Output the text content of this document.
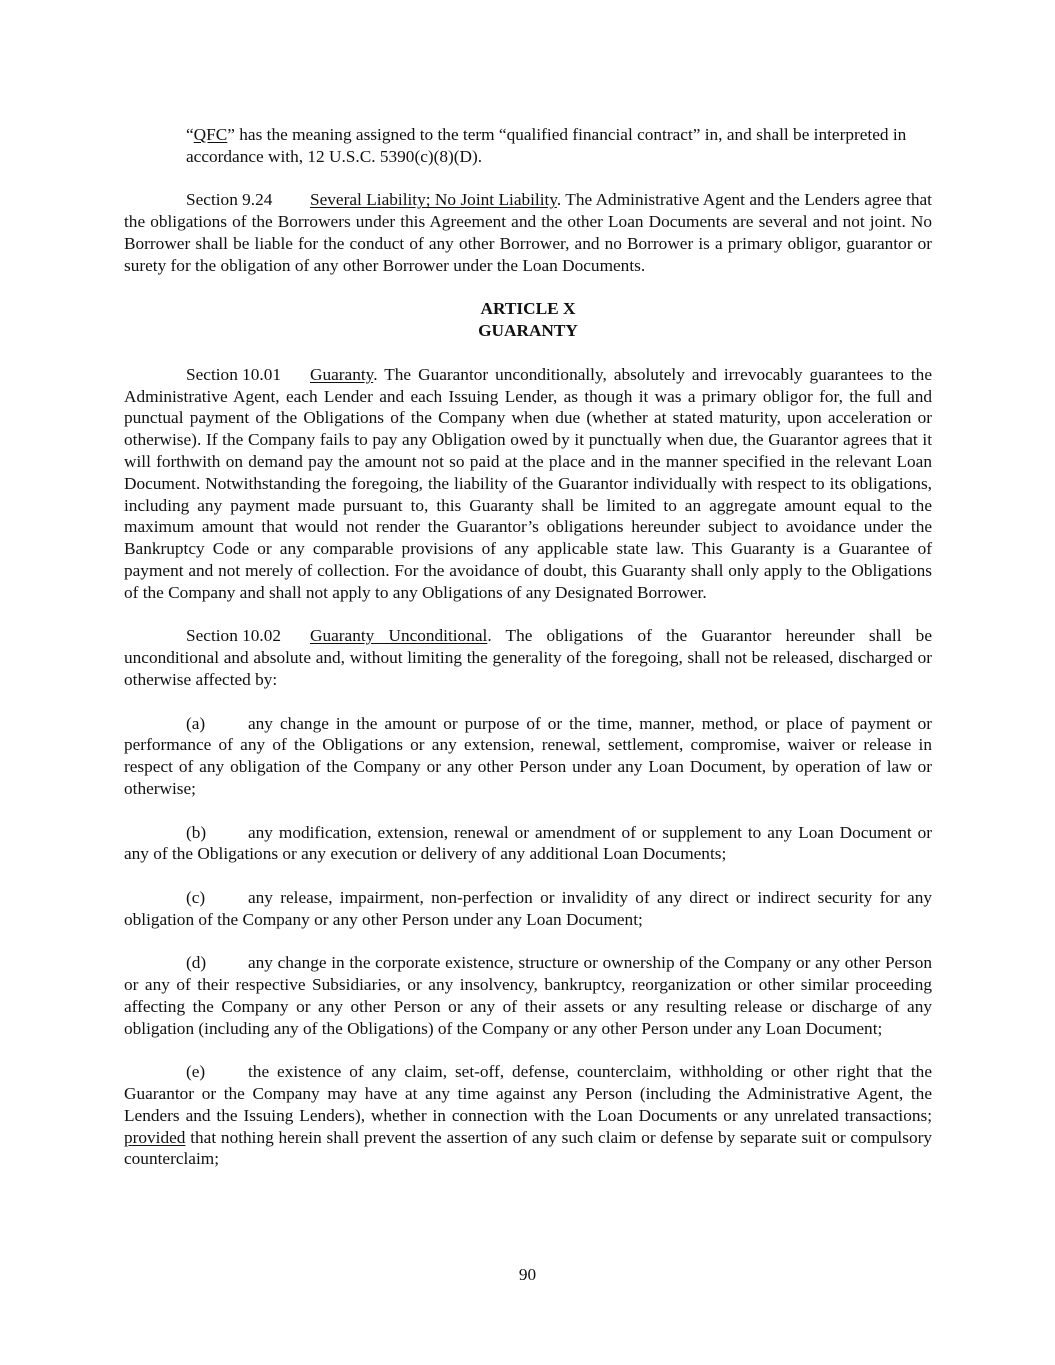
“QFC” has the meaning assigned to the term “qualified financial contract” in, and shall be interpreted in accordance with, 12 U.S.C. 5390(c)(8)(D).

Section 9.24 Several Liability; No Joint Liability. The Administrative Agent and the Lenders agree that the obligations of the Borrowers under this Agreement and the other Loan Documents are several and not joint. No Borrower shall be liable for the conduct of any other Borrower, and no Borrower is a primary obligor, guarantor or surety for the obligation of any other Borrower under the Loan Documents.

ARTICLE X
GUARANTY

Section 10.01 Guaranty. The Guarantor unconditionally, absolutely and irrevocably guarantees to the Administrative Agent, each Lender and each Issuing Lender, as though it was a primary obligor for, the full and punctual payment of the Obligations of the Company when due (whether at stated maturity, upon acceleration or otherwise). If the Company fails to pay any Obligation owed by it punctually when due, the Guarantor agrees that it will forthwith on demand pay the amount not so paid at the place and in the manner specified in the relevant Loan Document. Notwithstanding the foregoing, the liability of the Guarantor individually with respect to its obligations, including any payment made pursuant to, this Guaranty shall be limited to an aggregate amount equal to the maximum amount that would not render the Guarantor’s obligations hereunder subject to avoidance under the Bankruptcy Code or any comparable provisions of any applicable state law. This Guaranty is a Guarantee of payment and not merely of collection. For the avoidance of doubt, this Guaranty shall only apply to the Obligations of the Company and shall not apply to any Obligations of any Designated Borrower.

Section 10.02 Guaranty Unconditional. The obligations of the Guarantor hereunder shall be unconditional and absolute and, without limiting the generality of the foregoing, shall not be released, discharged or otherwise affected by:

(a) any change in the amount or purpose of or the time, manner, method, or place of payment or performance of any of the Obligations or any extension, renewal, settlement, compromise, waiver or release in respect of any obligation of the Company or any other Person under any Loan Document, by operation of law or otherwise;

(b) any modification, extension, renewal or amendment of or supplement to any Loan Document or any of the Obligations or any execution or delivery of any additional Loan Documents;

(c) any release, impairment, non-perfection or invalidity of any direct or indirect security for any obligation of the Company or any other Person under any Loan Document;

(d) any change in the corporate existence, structure or ownership of the Company or any other Person or any of their respective Subsidiaries, or any insolvency, bankruptcy, reorganization or other similar proceeding affecting the Company or any other Person or any of their assets or any resulting release or discharge of any obligation (including any of the Obligations) of the Company or any other Person under any Loan Document;

(e) the existence of any claim, set-off, defense, counterclaim, withholding or other right that the Guarantor or the Company may have at any time against any Person (including the Administrative Agent, the Lenders and the Issuing Lenders), whether in connection with the Loan Documents or any unrelated transactions; provided that nothing herein shall prevent the assertion of any such claim or defense by separate suit or compulsory counterclaim;

90
